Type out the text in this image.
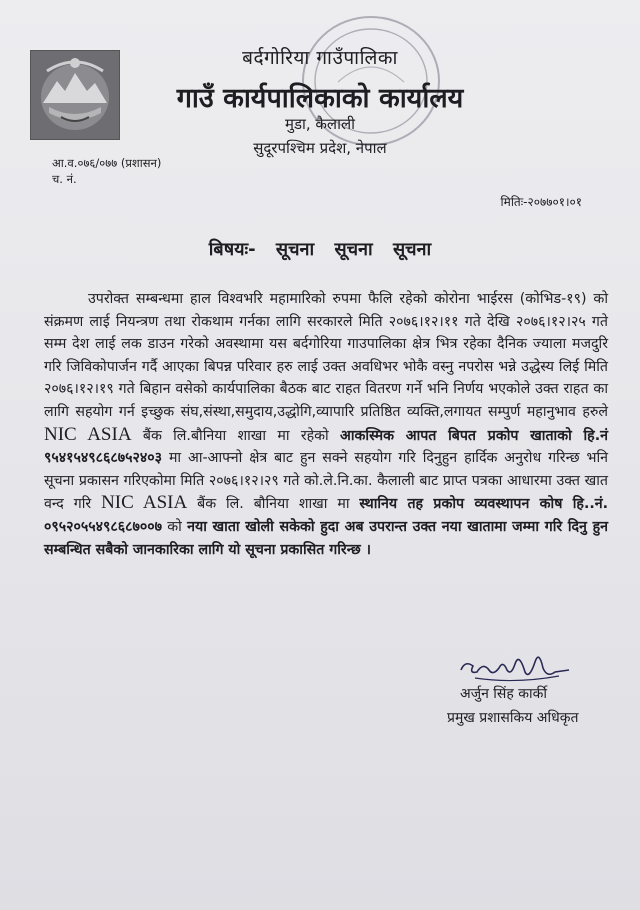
बर्दगोरिया गाउँपालिका
गाउँ कार्यपालिकाको कार्यालय
मुडा, कैलाली
सुदूरपश्चिम प्रदेश, नेपाल
आ.व.०७६/०७७ (प्रशासन)
च. नं.
मितिः-२०७७०१।०१
बिषयः- सूचना सूचना सूचना

उपरोक्त सम्बन्धमा हाल विश्वभरि महामारिको रुपमा फैलि रहेको कोरोना भाईरस (कोभिड-१९) को संक्रमण लाई नियन्त्रण तथा रोकथाम गर्नका लागि सरकारले मिति २०७६।१२।११ गते देखि २०७६।१२।२५ गते सम्म देश लाई लक डाउन गरेको अवस्थामा यस बर्दगोरिया गाउपालिका क्षेत्र भित्र रहेका दैनिक ज्याला मजदुरि गरि जिविकोपार्जन गर्दै आएका बिपन्न परिवार हरु लाई उक्त अवधिभर भोकै वस्नु नपरोस भन्ने उद्धेस्य लिई मिति २०७६।१२।१९ गते बिहान वसेको कार्यपालिका बैठक बाट राहत वितरण गर्ने भनि निर्णय भएकोले उक्त राहत का लागि सहयोग गर्न इच्छुक संघ,संस्था,समुदाय,उद्धोगि,व्यापारि प्रतिष्ठित व्यक्ति,लगायत सम्पुर्ण महानुभाव हरुले NIC ASIA बैंक लि.बौनिया शाखा मा रहेको आकस्मिक आपत बिपत प्रकोप खाताको हि.नं ९५४१५४९८६८७५२४०३ मा आ-आफ्नो क्षेत्र बाट हुन सक्ने सहयोग गरि दिनुहुन हार्दिक अनुरोध गरिन्छ भनि सूचना प्रकासन गरिएकोमा मिति २०७६।१२।२९ गते को.ले.नि.का. कैलाली बाट प्राप्त पत्रका आधारमा उक्त खात वन्द गरि NIC ASIA बैंक लि. बौनिया शाखा मा स्थानिय तह प्रकोप व्यवस्थापन कोष हि..नं. ०९५२०५५४९८६८७००७ को नया खाता खोली सकेको हुदा अब उपरान्त उक्त नया खातामा जम्मा गरि दिनु हुन सम्बन्धित सबैको जानकारिका लागि यो सूचना प्रकासित गरिन्छ ।

अर्जुन सिंह कार्की
प्रमुख प्रशासकिय अधिकृत
